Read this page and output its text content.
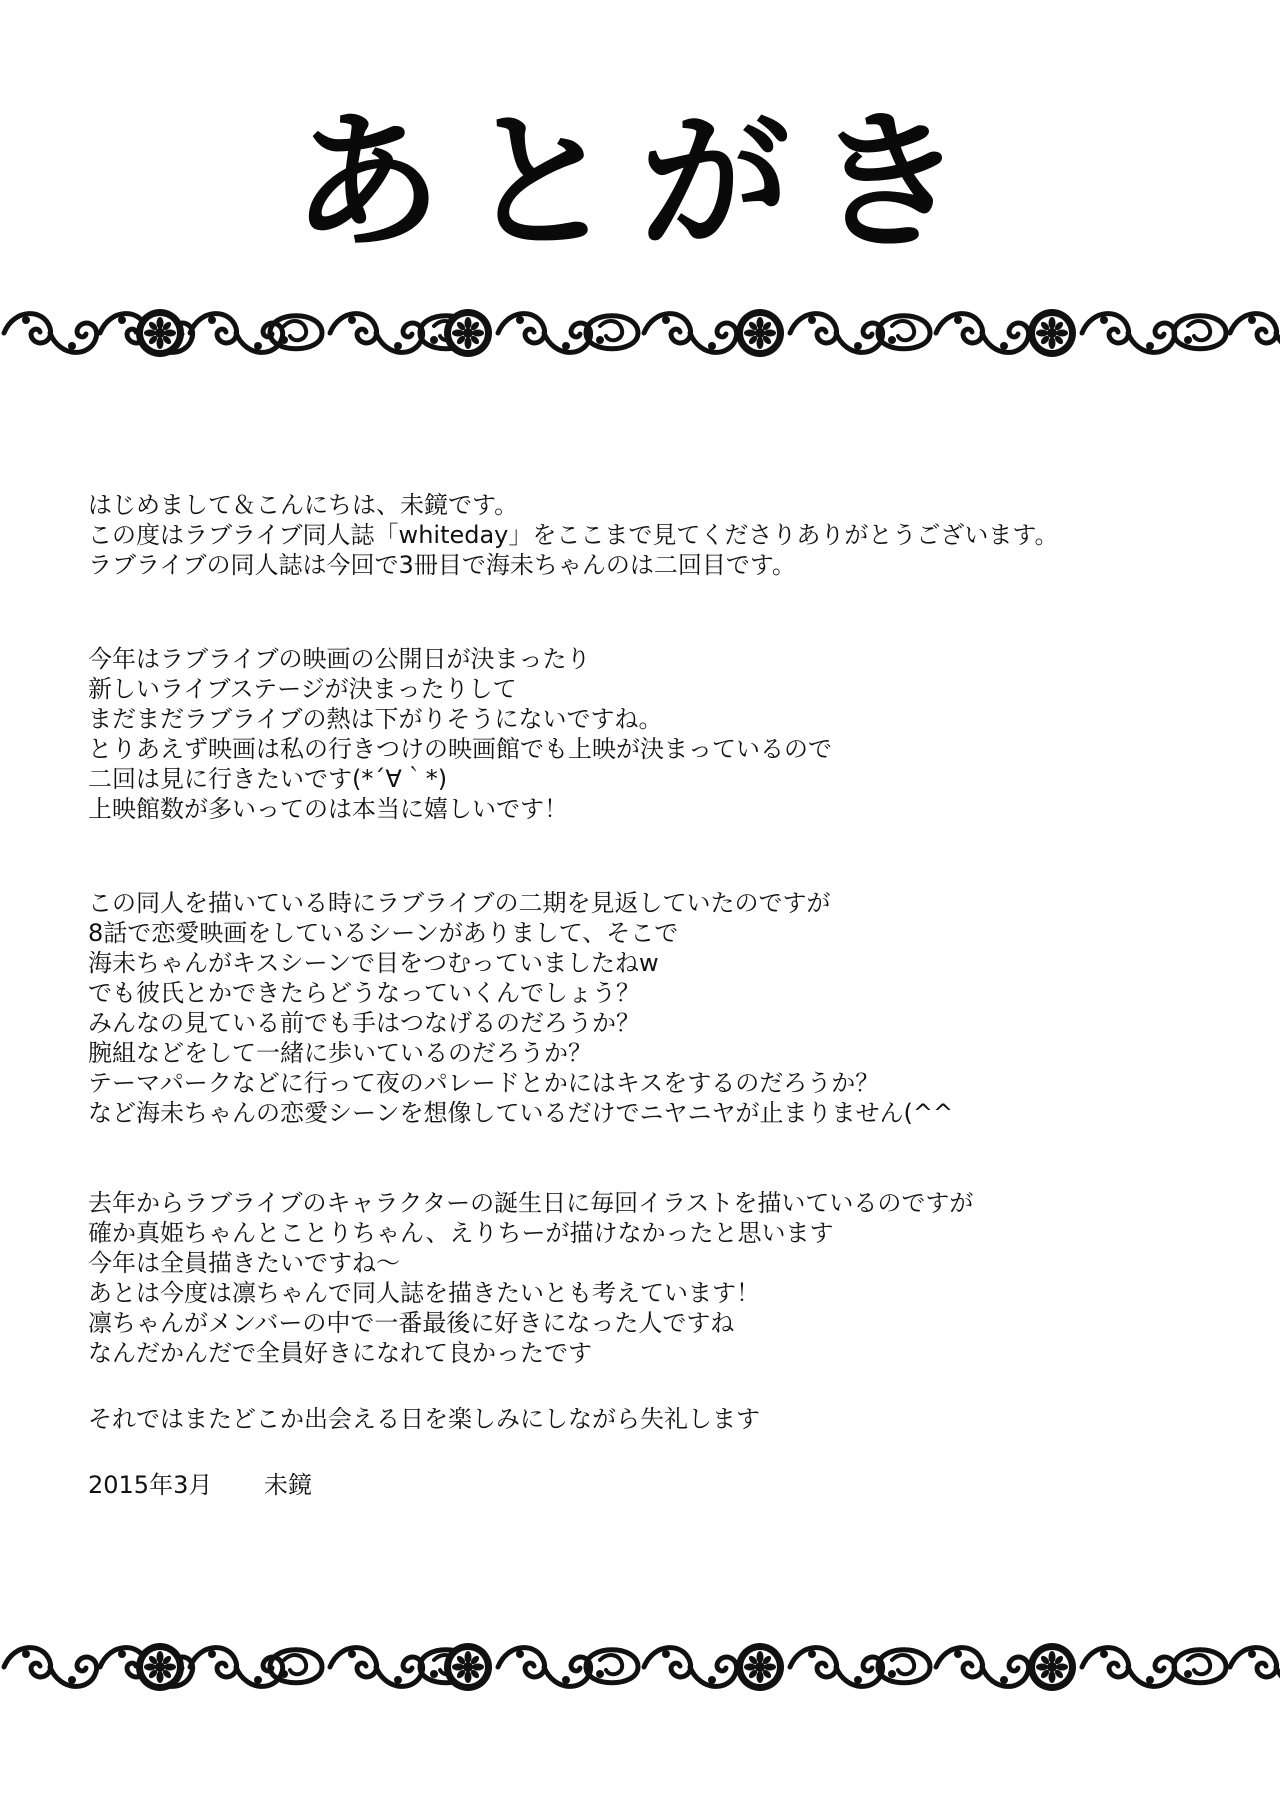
あとがき
はじめまして＆こんにちは、未鏡です。
この度はラブライブ同人誌「whiteday」をここまで見てくださりありがとうございます。
ラブライブの同人誌は今回で3冊目で海未ちゃんのは二回目です。
今年はラブライブの映画の公開日が決まったり
新しいライブステージが決まったりして
まだまだラブライブの熱は下がりそうにないですね。
とりあえず映画は私の行きつけの映画館でも上映が決まっているので
二回は見に行きたいです(*´∀｀*)
上映館数が多いってのは本当に嬉しいです！
この同人を描いている時にラブライブの二期を見返していたのですが
8話で恋愛映画をしているシーンがありまして、そこで
海未ちゃんがキスシーンで目をつむっていましたねw
でも彼氏とかできたらどうなっていくんでしょう？
みんなの見ている前でも手はつなげるのだろうか？
腕組などをして一緒に歩いているのだろうか？
テーマパークなどに行って夜のパレードとかにはキスをするのだろうか？
など海未ちゃんの恋愛シーンを想像しているだけでニヤニヤが止まりません(^^
去年からラブライブのキャラクターの誕生日に毎回イラストを描いているのですが
確か真姫ちゃんとことりちゃん、えりちーが描けなかったと思います
今年は全員描きたいですね～
あとは今度は凛ちゃんで同人誌を描きたいとも考えています！
凛ちゃんがメンバーの中で一番最後に好きになった人ですね
なんだかんだで全員好きになれて良かったです
それではまたどこか出会える日を楽しみにしながら失礼します
2015年3月 未鏡
